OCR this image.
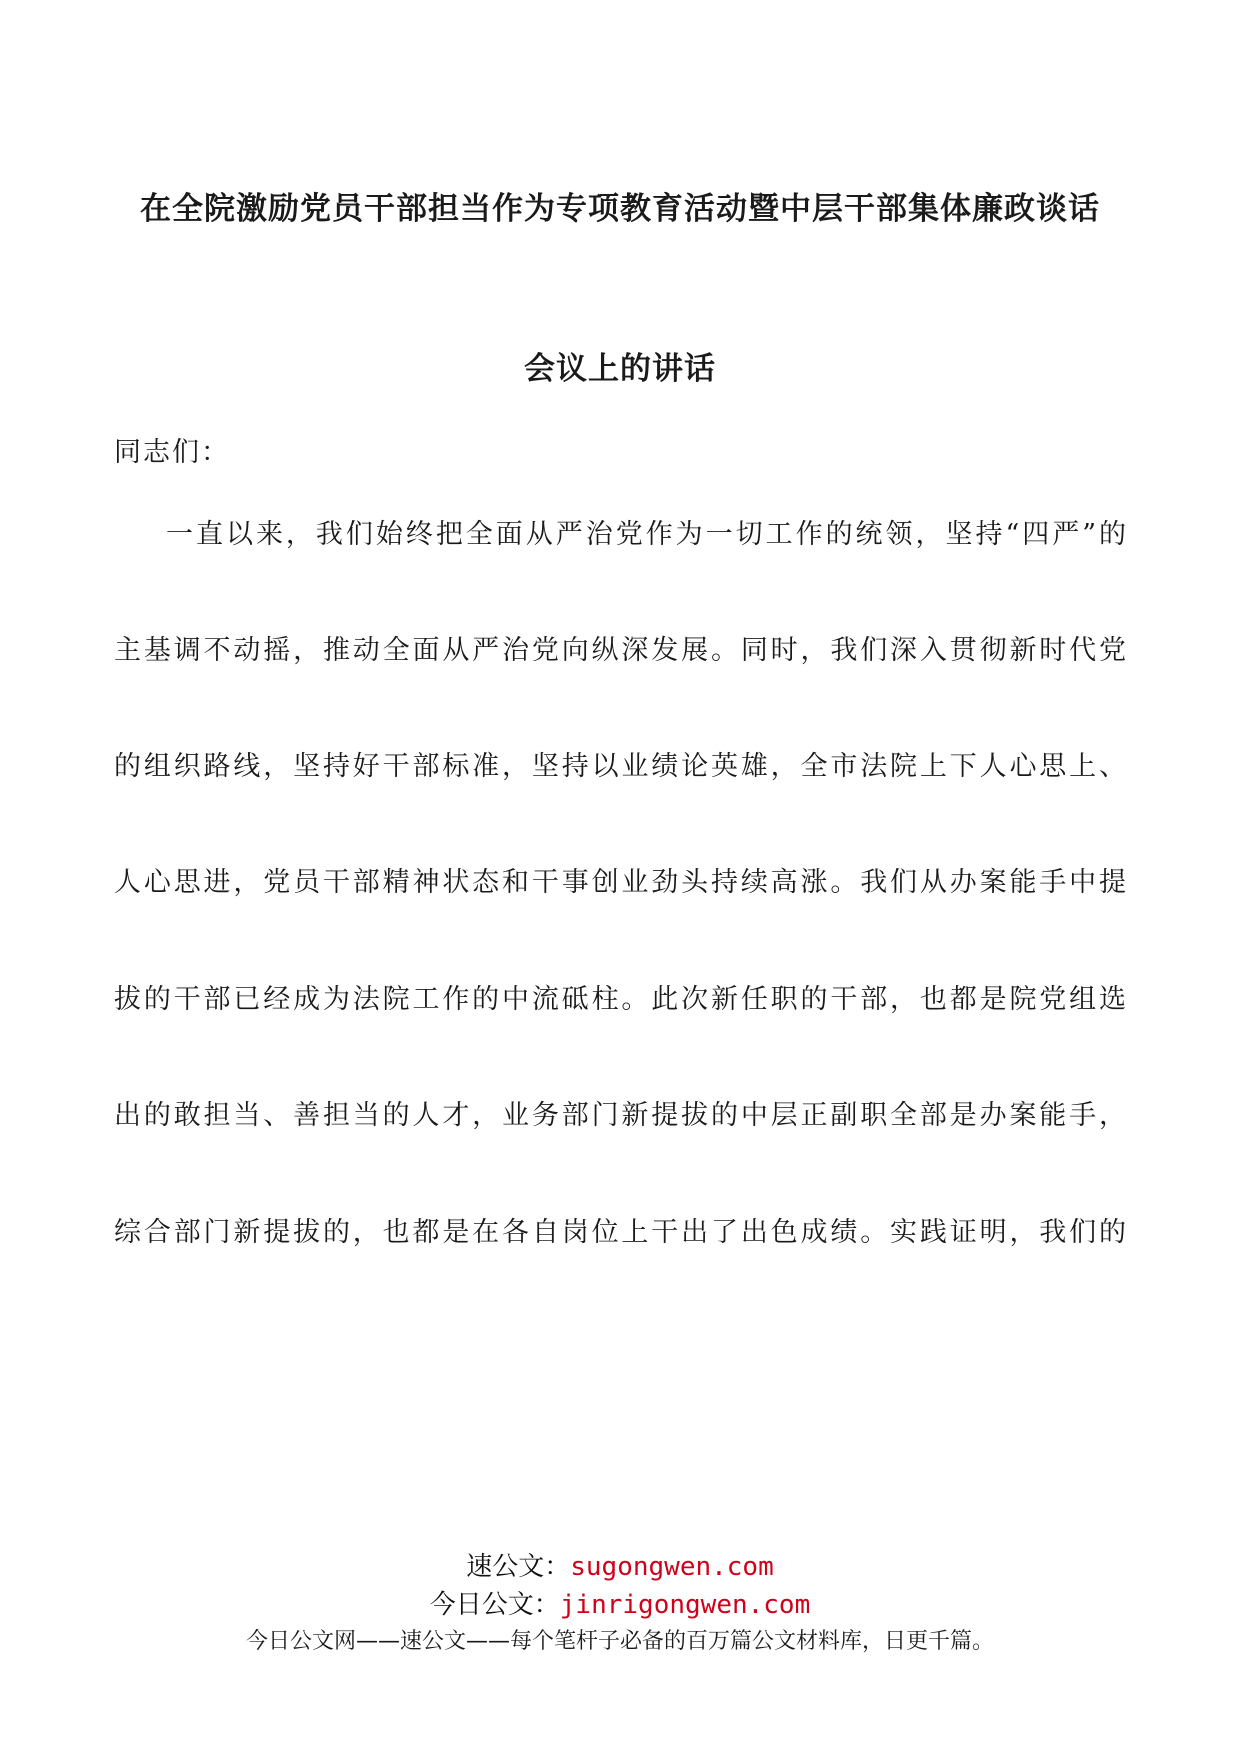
在全院激励党员干部担当作为专项教育活动暨中层干部集体廉政谈话
会议上的讲话
同志们：
一直以来，我们始终把全面从严治党作为一切工作的统领，坚持“四严”的
主基调不动摇，推动全面从严治党向纵深发展。同时，我们深入贯彻新时代党
的组织路线，坚持好干部标准，坚持以业绩论英雄，全市法院上下人心思上、
人心思进，党员干部精神状态和干事创业劲头持续高涨。我们从办案能手中提
拔的干部已经成为法院工作的中流砥柱。此次新任职的干部，也都是院党组选
出的敢担当、善担当的人才，业务部门新提拔的中层正副职全部是办案能手，
综合部门新提拔的，也都是在各自岗位上干出了出色成绩。实践证明，我们的
速公文：sugongwen.com
今日公文：jinrigongwen.com
今日公文网——速公文——每个笔杆子必备的百万篇公文材料库，日更千篇。
